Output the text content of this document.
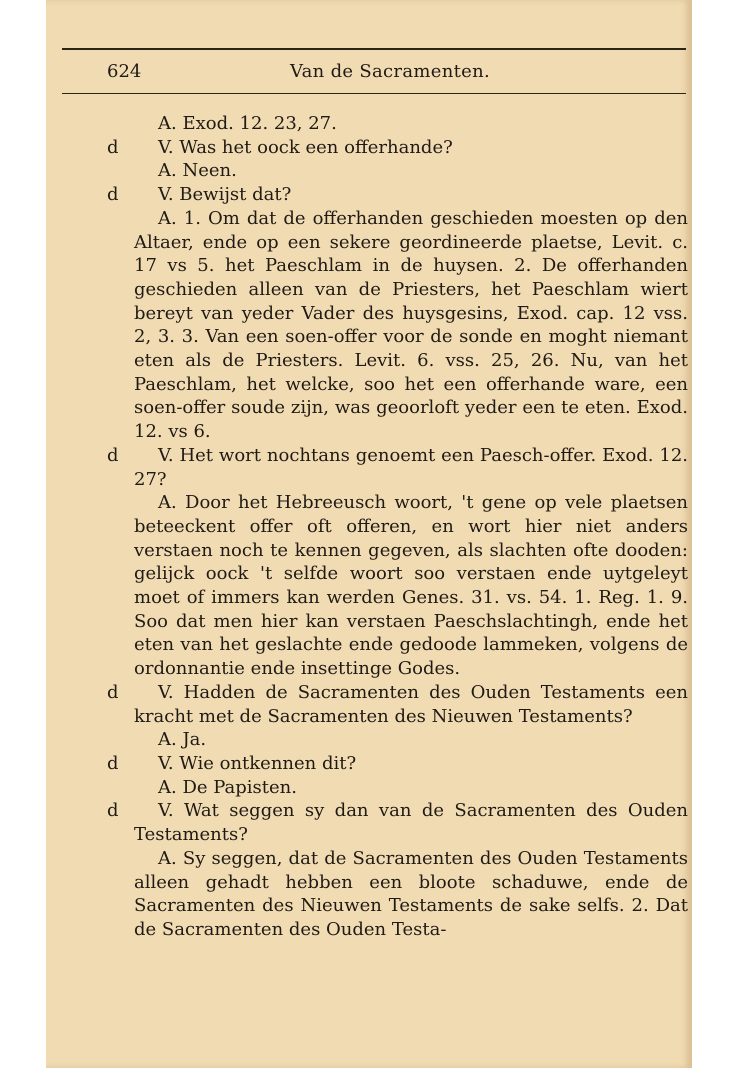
624	Van de Sacramenten.

A. Exod. 12. 23, 27.

d V. Was het oock een offerhande?

A. Neen.

d V. Bewijst dat?

A. 1. Om dat de offerhanden geschieden moesten op den Altaer, ende op een sekere geordineerde plaetse, Levit. c. 17 vs 5. het Paeschlam in de huysen. 2. De offerhanden geschieden alleen van de Priesters, het Paeschlam wiert bereyt van yeder Vader des huysgesins, Exod. cap. 12 vss. 2, 3. 3. Van een soen-offer voor de sonde en moght niemant eten als de Priesters. Levit. 6. vss. 25, 26. Nu, van het Paeschlam, het welcke, soo het een offerhande ware, een soen-offer soude zijn, was geoorloft yeder een te eten. Exod. 12. vs 6.

d V. Het wort nochtans genoemt een Paesch-offer. Exod. 12. 27?

A. Door het Hebreeusch woort, 't gene op vele plaetsen beteeckent offer oft offeren, en wort hier niet anders verstaen noch te kennen gegeven, als slachten ofte dooden: gelijck oock 't selfde woort soo verstaen ende uytgeleyt moet of immers kan werden Genes. 31. vs. 54. 1. Reg. 1. 9. Soo dat men hier kan verstaen Paeschslachtingh, ende het eten van het geslachte ende gedoode lammeken, volgens de ordonnantie ende insettinge Godes.

d V. Hadden de Sacramenten des Ouden Testaments een kracht met de Sacramenten des Nieuwen Testaments?

A. Ja.

d V. Wie ontkennen dit?

A. De Papisten.

d V. Wat seggen sy dan van de Sacramenten des Ouden Testaments?

A. Sy seggen, dat de Sacramenten des Ouden Testaments alleen gehadt hebben een bloote schaduwe, ende de Sacramenten des Nieuwen Testaments de sake selfs. 2. Dat de Sacramenten des Ouden Testa-
